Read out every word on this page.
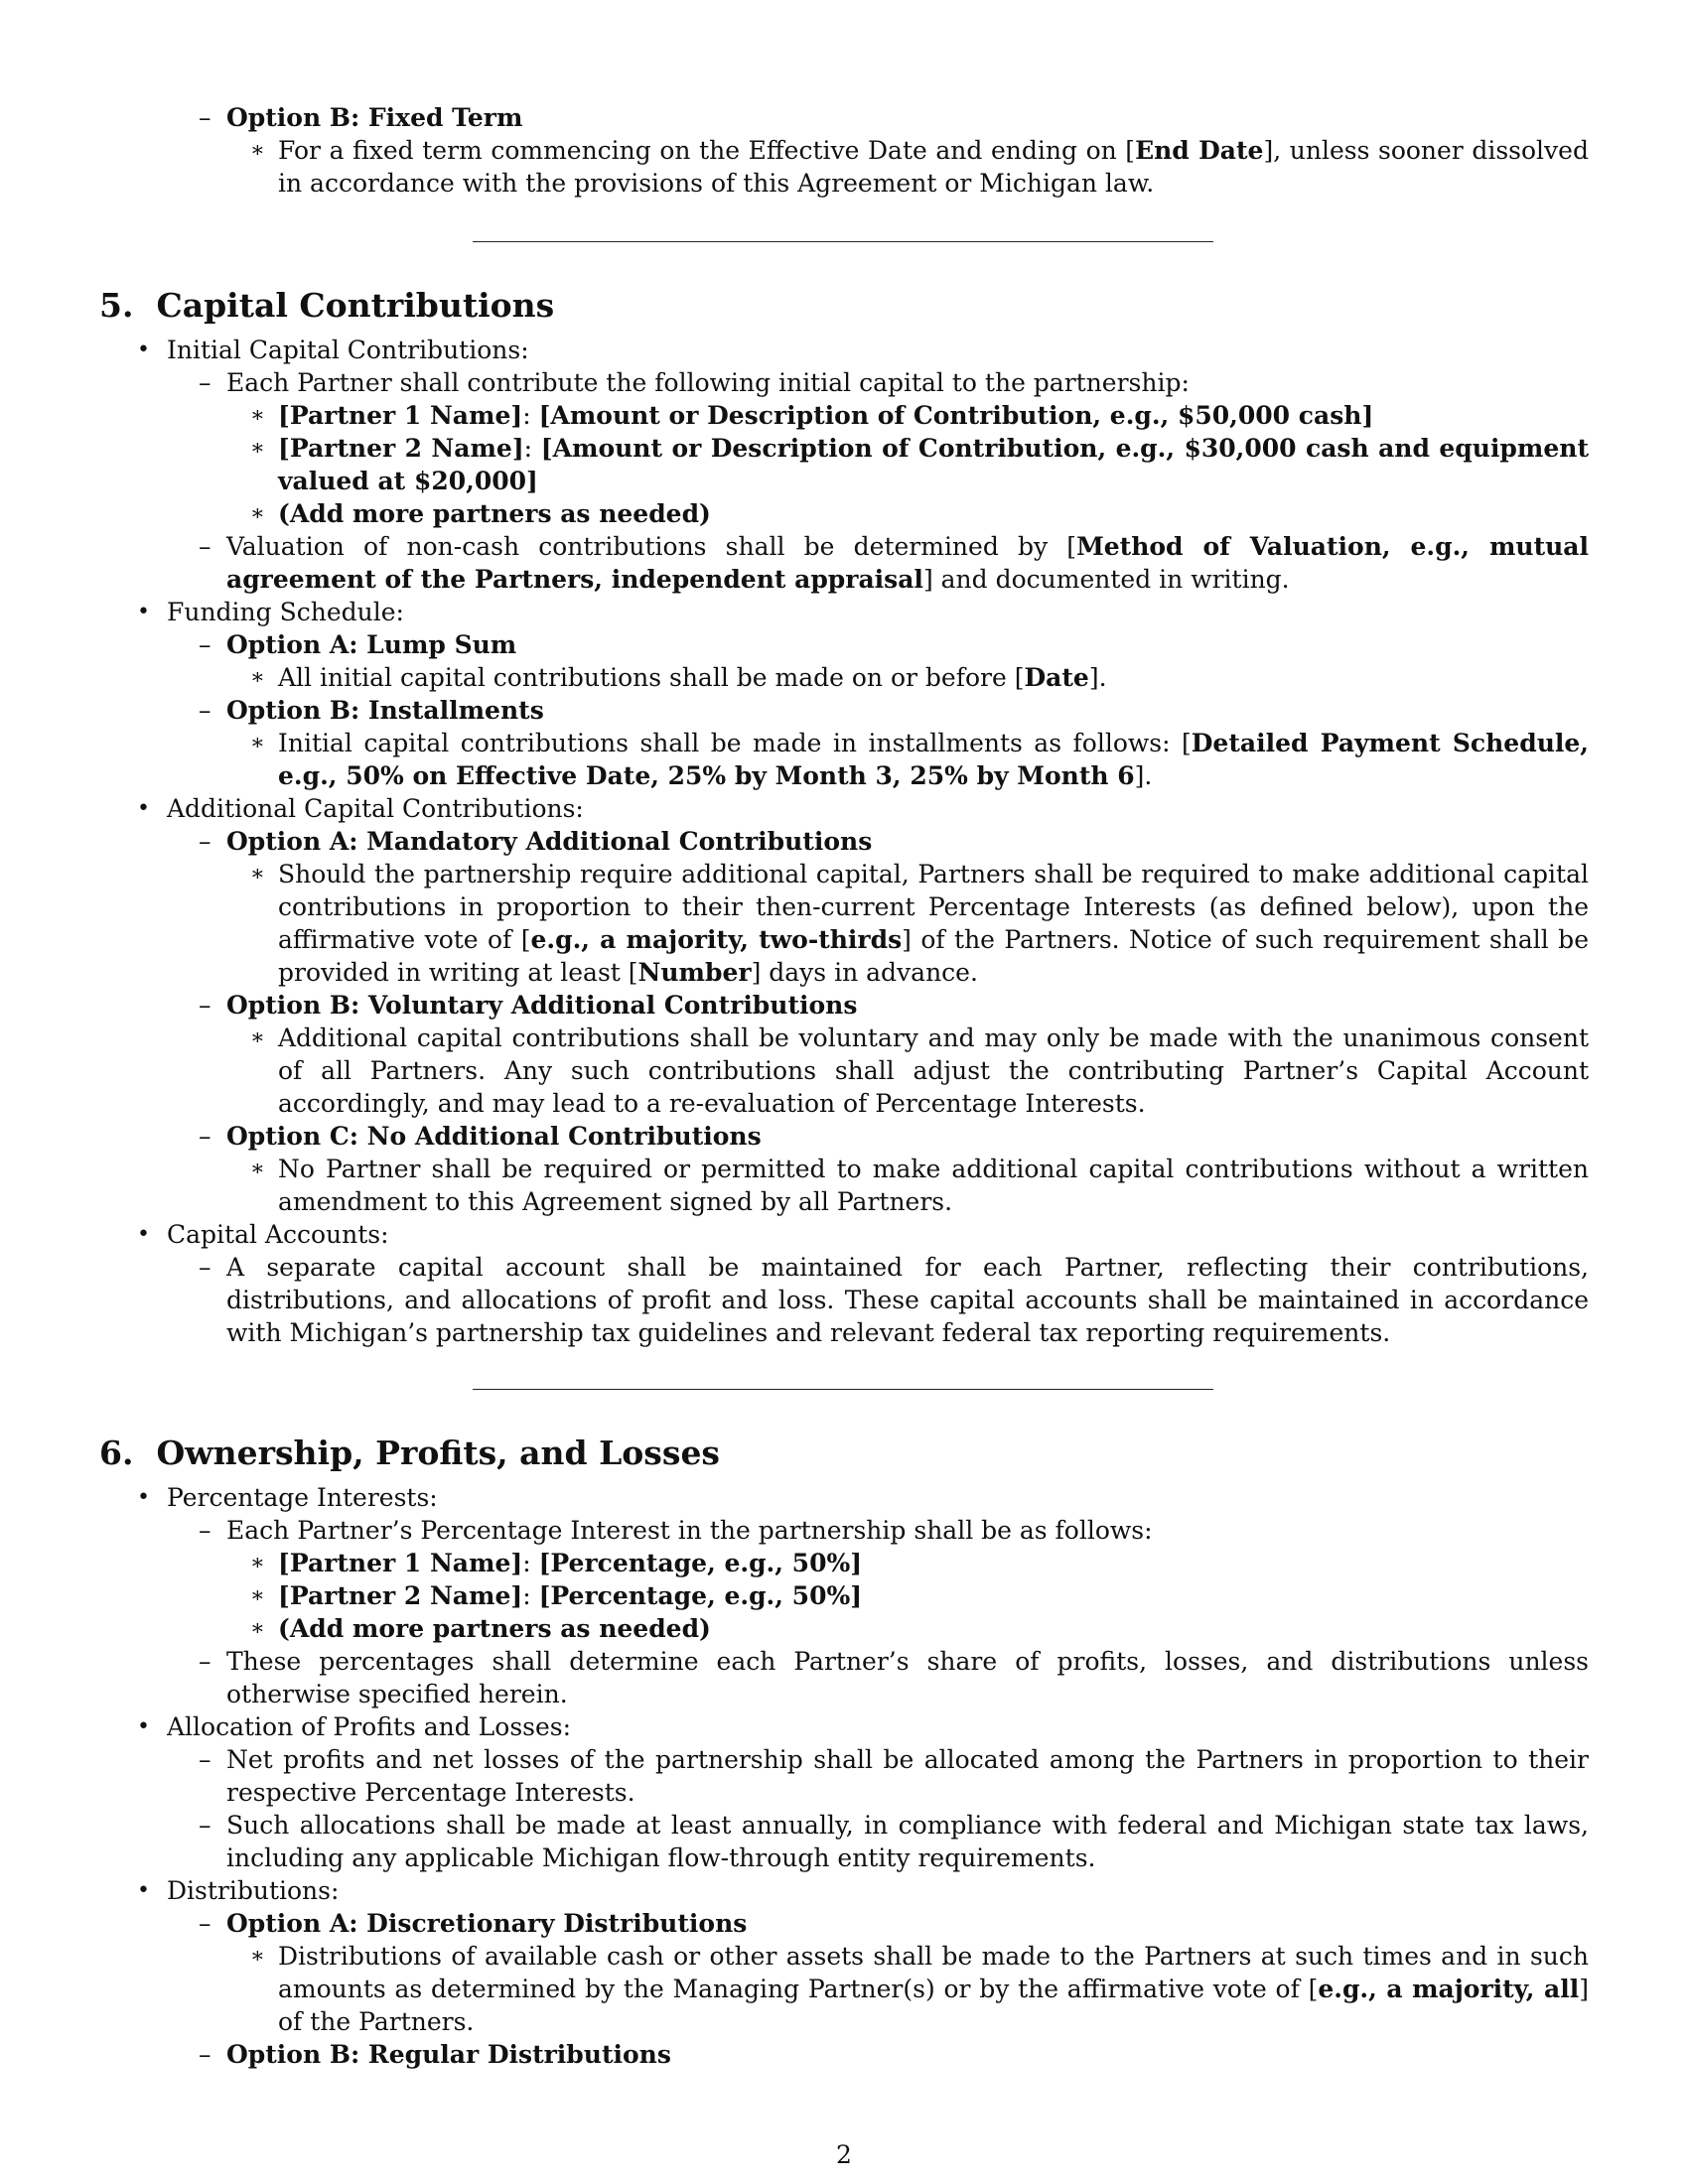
– Option B: Fixed Term
∗ For a fixed term commencing on the Effective Date and ending on [End Date], unless sooner dissolved in accordance with the provisions of this Agreement or Michigan law.
5. Capital Contributions
• Initial Capital Contributions:
– Each Partner shall contribute the following initial capital to the partnership:
∗ [Partner 1 Name]: [Amount or Description of Contribution, e.g., $50,000 cash]
∗ [Partner 2 Name]: [Amount or Description of Contribution, e.g., $30,000 cash and equipment valued at $20,000]
∗ (Add more partners as needed)
– Valuation of non-cash contributions shall be determined by [Method of Valuation, e.g., mutual agreement of the Partners, independent appraisal] and documented in writing.
• Funding Schedule:
– Option A: Lump Sum
∗ All initial capital contributions shall be made on or before [Date].
– Option B: Installments
∗ Initial capital contributions shall be made in installments as follows: [Detailed Payment Schedule, e.g., 50% on Effective Date, 25% by Month 3, 25% by Month 6].
• Additional Capital Contributions:
– Option A: Mandatory Additional Contributions
∗ Should the partnership require additional capital, Partners shall be required to make additional capital contributions in proportion to their then-current Percentage Interests (as defined below), upon the affirmative vote of [e.g., a majority, two-thirds] of the Partners. Notice of such requirement shall be provided in writing at least [Number] days in advance.
– Option B: Voluntary Additional Contributions
∗ Additional capital contributions shall be voluntary and may only be made with the unanimous consent of all Partners. Any such contributions shall adjust the contributing Partner’s Capital Account accordingly, and may lead to a re-evaluation of Percentage Interests.
– Option C: No Additional Contributions
∗ No Partner shall be required or permitted to make additional capital contributions without a written amendment to this Agreement signed by all Partners.
• Capital Accounts:
– A separate capital account shall be maintained for each Partner, reflecting their contributions, distributions, and allocations of profit and loss. These capital accounts shall be maintained in accordance with Michigan’s partnership tax guidelines and relevant federal tax reporting requirements.
6. Ownership, Profits, and Losses
• Percentage Interests:
– Each Partner’s Percentage Interest in the partnership shall be as follows:
∗ [Partner 1 Name]: [Percentage, e.g., 50%]
∗ [Partner 2 Name]: [Percentage, e.g., 50%]
∗ (Add more partners as needed)
– These percentages shall determine each Partner’s share of profits, losses, and distributions unless otherwise specified herein.
• Allocation of Profits and Losses:
– Net profits and net losses of the partnership shall be allocated among the Partners in proportion to their respective Percentage Interests.
– Such allocations shall be made at least annually, in compliance with federal and Michigan state tax laws, including any applicable Michigan flow-through entity requirements.
• Distributions:
– Option A: Discretionary Distributions
∗ Distributions of available cash or other assets shall be made to the Partners at such times and in such amounts as determined by the Managing Partner(s) or by the affirmative vote of [e.g., a majority, all] of the Partners.
– Option B: Regular Distributions
2
